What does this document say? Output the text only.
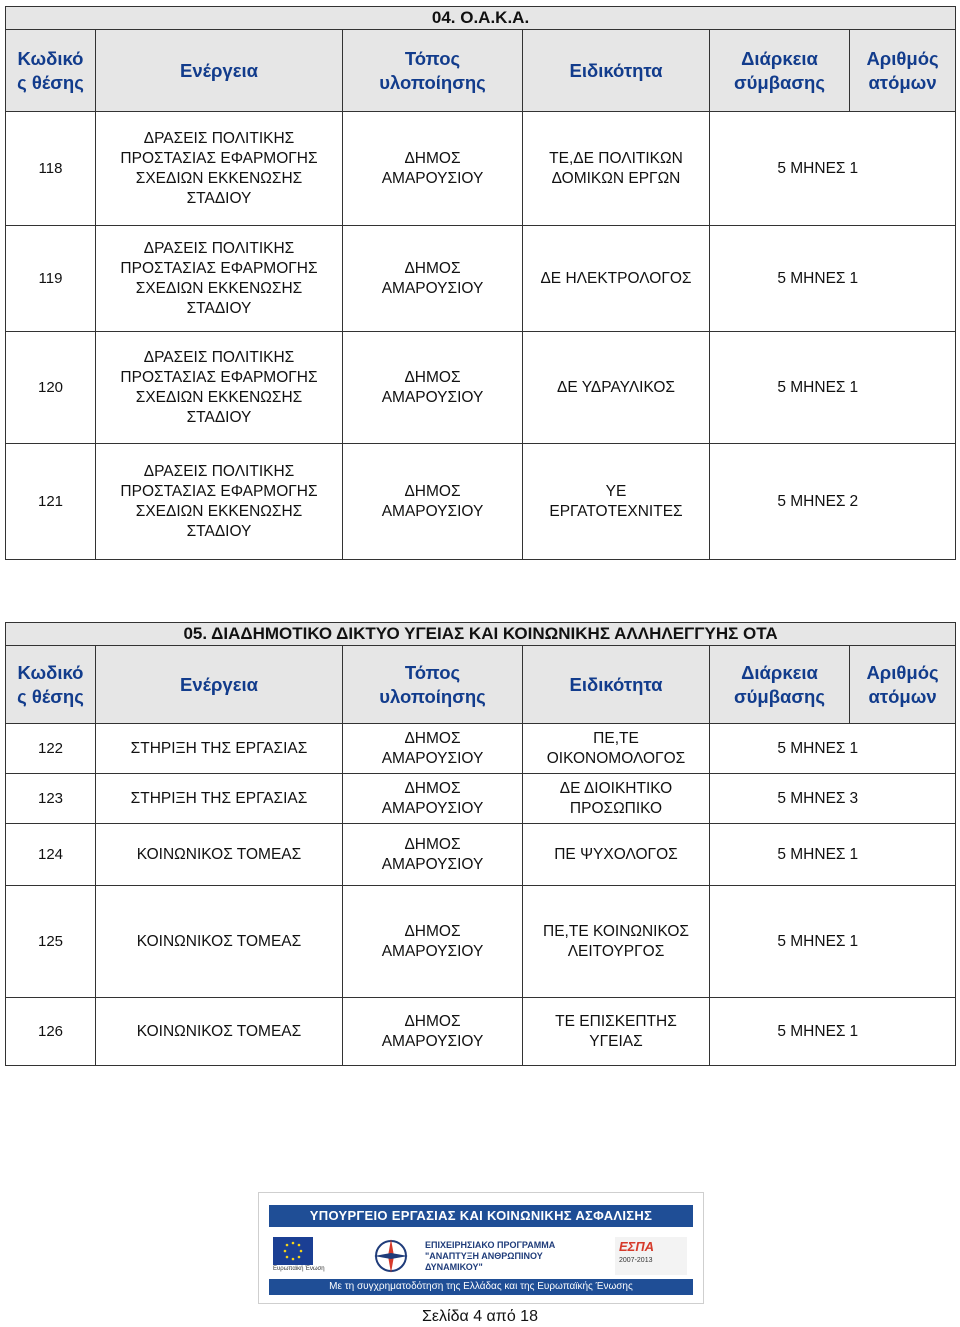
04. Ο.Α.Κ.Α.					
Κωδικό
ς θέσης	Ενέργεια	Τόπος
υλοποίησης	Ειδικότητα	Διάρκεια
σύμβασης	Αριθμός
ατόμων
118	ΔΡΑΣΕΙΣ ΠΟΛΙΤΙΚΗΣ
ΠΡΟΣΤΑΣΙΑΣ ΕΦΑΡΜΟΓΗΣ
ΣΧΕΔΙΩΝ ΕΚΚΕΝΩΣΗΣ
ΣΤΑΔΙΟΥ	ΔΗΜΟΣ
ΑΜΑΡΟΥΣΙΟΥ	ΤΕ,ΔΕ ΠΟΛΙΤΙΚΩΝ
ΔΟΜΙΚΩΝ ΕΡΓΩΝ	5 ΜΗΝΕΣ	1
119	ΔΡΑΣΕΙΣ ΠΟΛΙΤΙΚΗΣ
ΠΡΟΣΤΑΣΙΑΣ ΕΦΑΡΜΟΓΗΣ
ΣΧΕΔΙΩΝ ΕΚΚΕΝΩΣΗΣ
ΣΤΑΔΙΟΥ	ΔΗΜΟΣ
ΑΜΑΡΟΥΣΙΟΥ	ΔΕ ΗΛΕΚΤΡΟΛΟΓΟΣ	5 ΜΗΝΕΣ	1
120	ΔΡΑΣΕΙΣ ΠΟΛΙΤΙΚΗΣ
ΠΡΟΣΤΑΣΙΑΣ ΕΦΑΡΜΟΓΗΣ
ΣΧΕΔΙΩΝ ΕΚΚΕΝΩΣΗΣ
ΣΤΑΔΙΟΥ	ΔΗΜΟΣ
ΑΜΑΡΟΥΣΙΟΥ	ΔΕ ΥΔΡΑΥΛΙΚΟΣ	5 ΜΗΝΕΣ	1
121	ΔΡΑΣΕΙΣ ΠΟΛΙΤΙΚΗΣ
ΠΡΟΣΤΑΣΙΑΣ ΕΦΑΡΜΟΓΗΣ
ΣΧΕΔΙΩΝ ΕΚΚΕΝΩΣΗΣ
ΣΤΑΔΙΟΥ	ΔΗΜΟΣ
ΑΜΑΡΟΥΣΙΟΥ	ΥΕ
ΕΡΓΑΤΟΤΕΧΝΙΤΕΣ	5 ΜΗΝΕΣ	2
05. ΔΙΑΔΗΜΟΤΙΚΟ ΔΙΚΤΥΟ ΥΓΕΙΑΣ ΚΑΙ ΚΟΙΝΩΝΙΚΗΣ ΑΛΛΗΛΕΓΓΥΗΣ ΟΤΑ					
Κωδικό
ς θέσης	Ενέργεια	Τόπος
υλοποίησης	Ειδικότητα	Διάρκεια
σύμβασης	Αριθμός
ατόμων
122	ΣΤΗΡΙΞΗ ΤΗΣ ΕΡΓΑΣΙΑΣ	ΔΗΜΟΣ
ΑΜΑΡΟΥΣΙΟΥ	ΠΕ,ΤΕ
ΟΙΚΟΝΟΜΟΛΟΓΟΣ	5 ΜΗΝΕΣ	1
123	ΣΤΗΡΙΞΗ ΤΗΣ ΕΡΓΑΣΙΑΣ	ΔΗΜΟΣ
ΑΜΑΡΟΥΣΙΟΥ	ΔΕ ΔΙΟΙΚΗΤΙΚΟ
ΠΡΟΣΩΠΙΚΟ	5 ΜΗΝΕΣ	3
124	ΚΟΙΝΩΝΙΚΟΣ ΤΟΜΕΑΣ	ΔΗΜΟΣ
ΑΜΑΡΟΥΣΙΟΥ	ΠΕ ΨΥΧΟΛΟΓΟΣ	5 ΜΗΝΕΣ	1
125	ΚΟΙΝΩΝΙΚΟΣ ΤΟΜΕΑΣ	ΔΗΜΟΣ
ΑΜΑΡΟΥΣΙΟΥ	ΠΕ,ΤΕ ΚΟΙΝΩΝΙΚΟΣ
ΛΕΙΤΟΥΡΓΟΣ	5 ΜΗΝΕΣ	1
126	ΚΟΙΝΩΝΙΚΟΣ ΤΟΜΕΑΣ	ΔΗΜΟΣ
ΑΜΑΡΟΥΣΙΟΥ	ΤΕ ΕΠΙΣΚΕΠΤΗΣ
ΥΓΕΙΑΣ	5 ΜΗΝΕΣ	1
ΥΠΟΥΡΓΕΙΟ ΕΡΓΑΣΙΑΣ ΚΑΙ ΚΟΙΝΩΝΙΚΗΣ ΑΣΦΑΛΙΣΗΣ
Ευρωπαϊκή Ένωση
ΕΠΙΧΕΙΡΗΣΙΑΚΟ ΠΡΟΓΡΑΜΜΑ
"ΑΝΑΠΤΥΞΗ ΑΝΘΡΩΠΙΝΟΥ ΔΥΝΑΜΙΚΟΥ"
ΕΣΠΑ
2007-2013
Με τη συγχρηματοδότηση της Ελλάδας και της Ευρωπαϊκής Ένωσης
Σελίδα 4 από 18
